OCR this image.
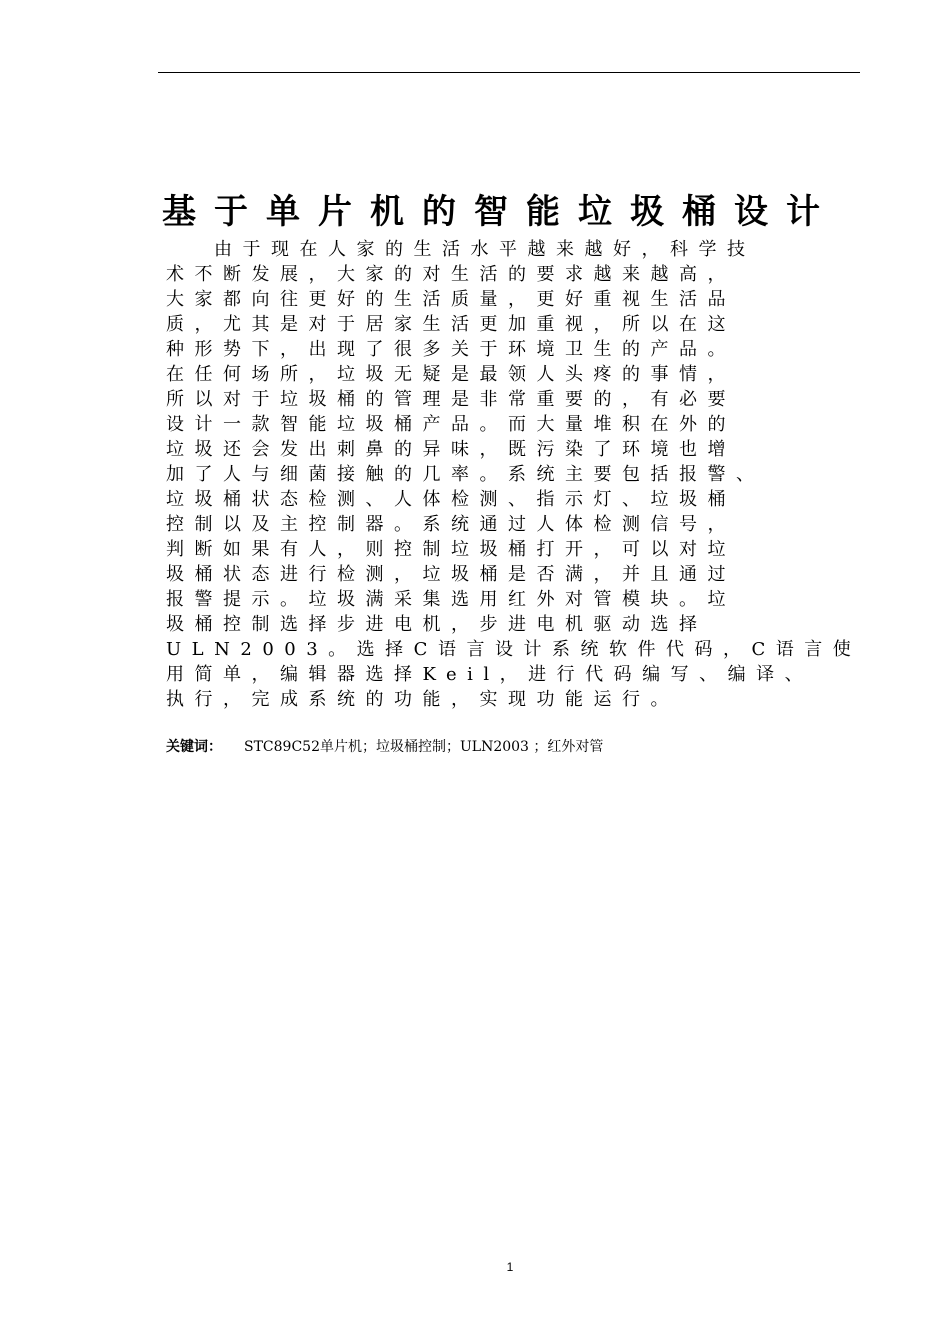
基于单片机的智能垃圾桶设计
由于现在人家的生活水平越来越好，科学技
术不断发展，大家的对生活的要求越来越高，
大家都向往更好的生活质量，更好重视生活品
质，尤其是对于居家生活更加重视，所以在这
种形势下，出现了很多关于环境卫生的产品。
在任何场所，垃圾无疑是最领人头疼的事情，
所以对于垃圾桶的管理是非常重要的，有必要
设计一款智能垃圾桶产品。而大量堆积在外的
垃圾还会发出刺鼻的异味，既污染了环境也增
加了人与细菌接触的几率。系统主要包括报警、
垃圾桶状态检测、人体检测、指示灯、垃圾桶
控制以及主控制器。系统通过人体检测信号，
判断如果有人，则控制垃圾桶打开，可以对垃
圾桶状态进行检测，垃圾桶是否满，并且通过
报警提示。垃圾满采集选用红外对管模块。垃
圾桶控制选择步进电机，步进电机驱动选择
ULN2003。选择C语言设计系统软件代码，C语言使
用简单，编辑器选择Keil，进行代码编写、编译、
执行，完成系统的功能，实现功能运行。
关键词： STC89C52单片机；垃圾桶控制；ULN2003 ；红外对管
1
